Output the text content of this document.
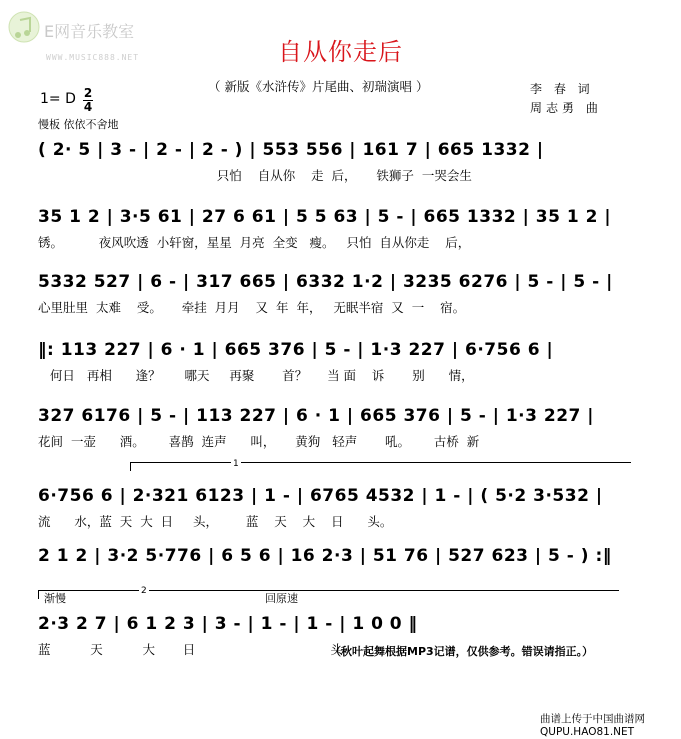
E网音乐教室
WWW.MUSIC888.NET	自从你走后
（ 新版《水浒传》片尾曲、初瑞演唱 ）	李 春 词
周志勇 曲
1= D 2
4
慢板 依依不舍地
( 2· 5 | 3 - | 2 - | 2 - ) | 553 556 | 161 7 | 665 1332 |
只怕    自从你    走  后，     铁狮子  一哭会生
35 1 2 | 3·5 61 | 27 6 61 | 5 5 63 | 5 - | 665 1332 | 35 1 2 |
锈。         夜风吹透  小轩窗，星星  月亮  全变   瘦。   只怕  自从你走    后，
5332 527 | 6 - | 317 665 | 6332 1·2 | 3235 6276 | 5 - | 5 - |
心里肚里  太难    受。     牵挂  月月    又  年  年，   无眠半宿  又  一    宿。
‖: 113 227 | 6 · 1 | 665 376 | 5 - | 1·3 227 | 6·756 6 |
何日   再相      逢？      哪天     再聚       首？     当 面    诉       别      情，
327 6176 | 5 - | 113 227 | 6 · 1 | 665 376 | 5 - | 1·3 227 |
花间  一壶      酒。      喜鹊  连声      叫，     黄狗   轻声       吼。      古桥  新
1
6·756 6 | 2·321 6123 | 1 - | 6765 4532 | 1 - | ( 5·2 3·532 |
流      水，蓝  天  大  日     头，       蓝    天    大    日      头。
2 1 2 | 3·2 5·776 | 6 5 6 | 16 2·3 | 51 76 | 527 623 | 5 - ) :‖
2
渐慢	回原速
2·3 2 7 | 6 1 2 3 | 3 - | 1 - | 1 - | 1 0 0 ‖
蓝          天          大       日                                  头。
（秋叶起舞根据MP3记谱，仅供参考。错误请指正。）
曲谱上传于中国曲谱网
QUPU.HAO81.NET
